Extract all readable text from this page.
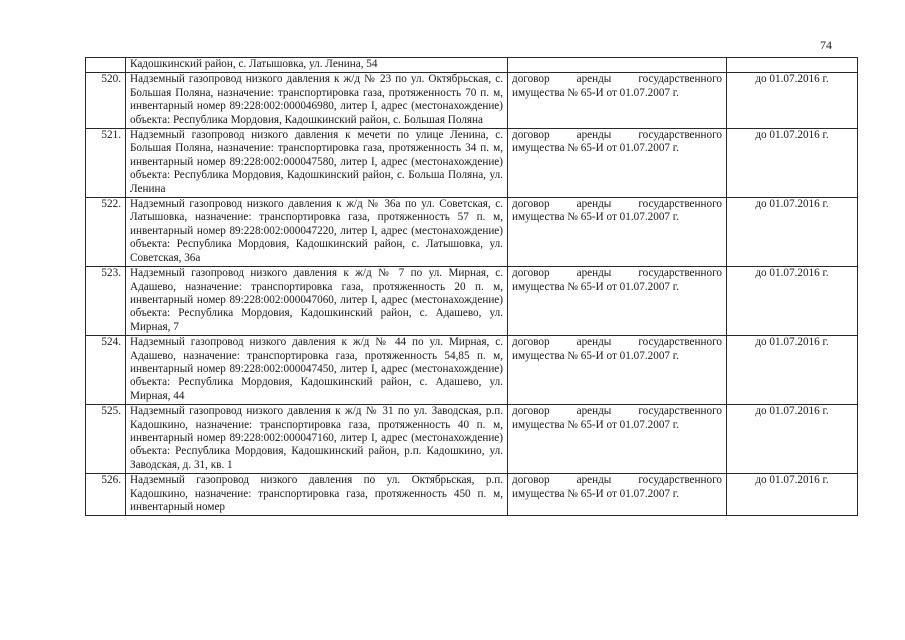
74
	Кадошкинский район, с. Латышовка, ул. Ленина, 54		
520.	Надземный газопровод низкого давления к ж/д № 23 по ул. Октябрьская, с. Большая Поляна, назначение: транспортировка газа, протяженность 70 п. м, инвентарный номер 89:228:002:000046980, литер I, адрес (местонахождение) объекта: Республика Мордовия, Кадошкинский район, с. Большая Поляна	договор аренды государственного имущества № 65-И от 01.07.2007 г.	до 01.07.2016 г.
521.	Надземный газопровод низкого давления к мечети по улице Ленина, с. Большая Поляна, назначение: транспортировка газа, протяженность 34 п. м, инвентарный номер 89:228:002:000047580, литер I, адрес (местонахождение) объекта: Республика Мордовия, Кадошкинский район, с. Больша Поляна, ул. Ленина	договор аренды государственного имущества № 65-И от 01.07.2007 г.	до 01.07.2016 г.
522.	Надземный газопровод низкого давления к ж/д № 36а по ул. Советская, с. Латышовка, назначение: транспортировка газа, протяженность 57 п. м, инвентарный номер 89:228:002:000047220, литер I, адрес (местонахождение) объекта: Республика Мордовия, Кадошкинский район, с. Латышовка, ул. Советская, 36а	договор аренды государственного имущества № 65-И от 01.07.2007 г.	до 01.07.2016 г.
523.	Надземный газопровод низкого давления к ж/д № 7 по ул. Мирная, с. Адашево, назначение: транспортировка газа, протяженность 20 п. м, инвентарный номер 89:228:002:000047060, литер I, адрес (местонахождение) объекта: Республика Мордовия, Кадошкинский район, с. Адашево, ул. Мирная, 7	договор аренды государственного имущества № 65-И от 01.07.2007 г.	до 01.07.2016 г.
524.	Надземный газопровод низкого давления к ж/д № 44 по ул. Мирная, с. Адашево, назначение: транспортировка газа, протяженность 54,85 п. м, инвентарный номер 89:228:002:000047450, литер I, адрес (местонахождение) объекта: Республика Мордовия, Кадошкинский район, с. Адашево, ул. Мирная, 44	договор аренды государственного имущества № 65-И от 01.07.2007 г.	до 01.07.2016 г.
525.	Надземный газопровод низкого давления к ж/д № 31 по ул. Заводская, р.п. Кадошкино, назначение: транспортировка газа, протяженность 40 п. м, инвентарный номер 89:228:002:000047160, литер I, адрес (местонахождение) объекта: Республика Мордовия, Кадошкинский район, р.п. Кадошкино, ул. Заводская, д. 31, кв. 1	договор аренды государственного имущества № 65-И от 01.07.2007 г.	до 01.07.2016 г.
526.	Надземный газопровод низкого давления по ул. Октябрьская, р.п. Кадошкино, назначение: транспортировка газа, протяженность 450 п. м, инвентарный номер	договор аренды государственного имущества № 65-И от 01.07.2007 г.	до 01.07.2016 г.
